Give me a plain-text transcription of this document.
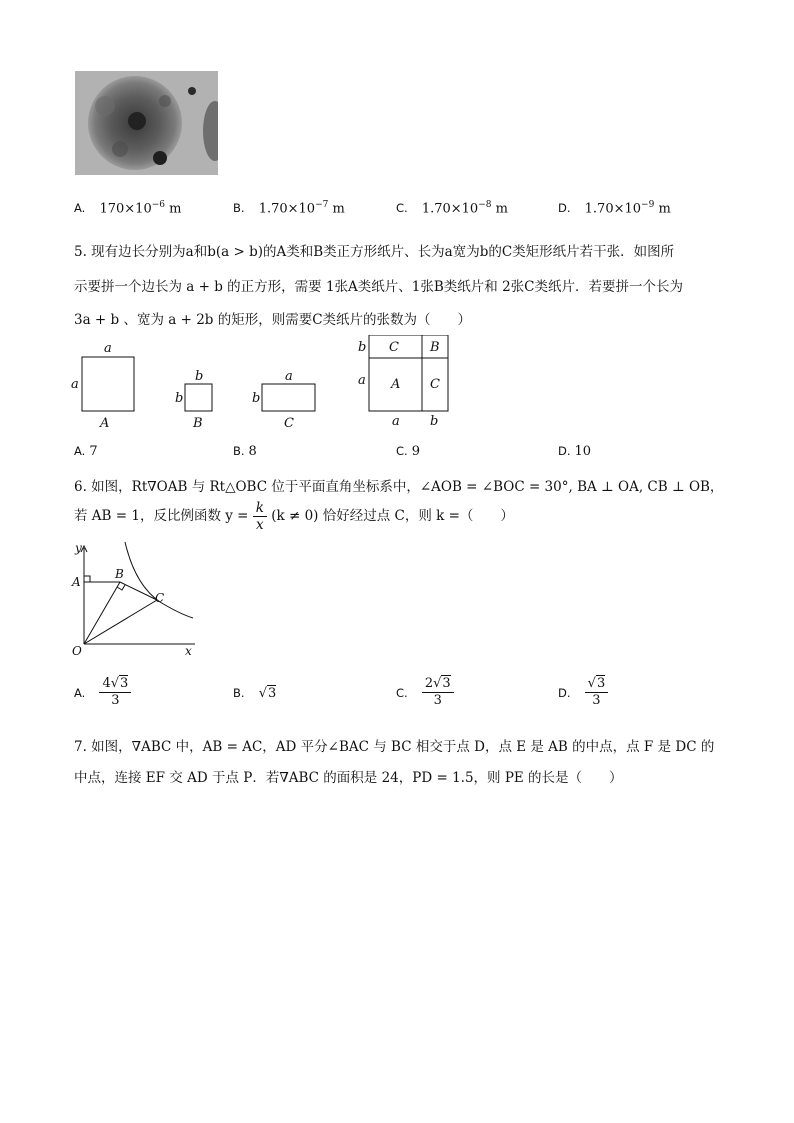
A. $170\times 10^{-6}$ m	B. $1.70\times 10^{-7}$ m	C. $1.70\times 10^{-8}$ m	D. $1.70\times 10^{-9}$ m
5. 现有边长分别为a和b(a > b)的A类和B类正方形纸片、长为a宽为b的C类矩形纸片若干张．如图所
示要拼一个边长为 a + b 的正方形，需要 1张A类纸片、1张B类纸片和 2张C类纸片．若要拼一个长为
3a + b 、宽为 a + 2b 的矩形，则需要C类纸片的张数为（　　）
a
a
A
b
b
B
a
b
C
C B
A C
b
a
a b
A. 7	B. 8	C. 9	D. 10
6. 如图，Rt∇OAB 与 Rt△OBC 位于平面直角坐标系中，∠AOB = ∠BOC = 30°, BA ⊥ OA, CB ⊥ OB，
若 AB = 1，反比例函数 $y = \frac{k}{x} (k \ne 0)$ 恰好经过点 C，则 k =（　　）
y
A
B
C
O	x
A. $\frac{4√3}{3}$	B. √3	C. $\frac{2√3}{3}$	D. $\frac{√3}{3}$
7. 如图，∇ABC 中，AB = AC，AD 平分∠BAC 与 BC 相交于点 D，点 E 是 AB 的中点，点 F 是 DC 的
中点，连接 EF 交 AD 于点 P．若∇ABC 的面积是 24，PD = 1.5，则 PE 的长是（　　）
